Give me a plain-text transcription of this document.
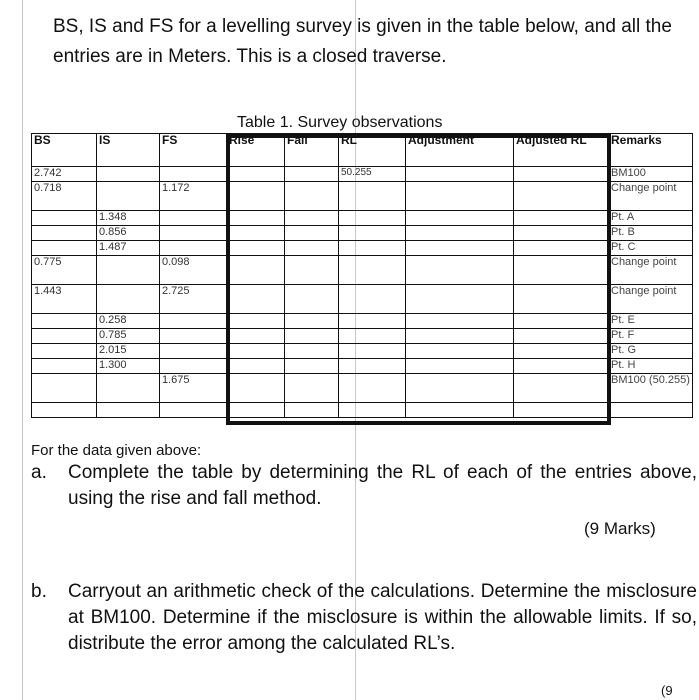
BS, IS and FS for a levelling survey is given in the table below, and all the entries are in Meters. This is a closed traverse.
Table 1. Survey observations
BS	IS	FS	Rise	Fall	RL	Adjustment	Adjusted RL	Remarks
2.742					50.255			BM100
0.718		1.172						Change point
	1.348							Pt. A
	0.856							Pt. B
	1.487							Pt. C
0.775		0.098						Change point
1.443		2.725						Change point
	0.258							Pt. E
	0.785							Pt. F
	2.015							Pt. G
	1.300							Pt. H
		1.675						BM100 (50.255)

For the data given above:
a. Complete the table by determining the RL of each of the entries above, using the rise and fall method.
(9 Marks)
b. Carryout an arithmetic check of the calculations. Determine the misclosure at BM100. Determine if the misclosure is within the allowable limits. If so, distribute the error among the calculated RL’s.
(9
